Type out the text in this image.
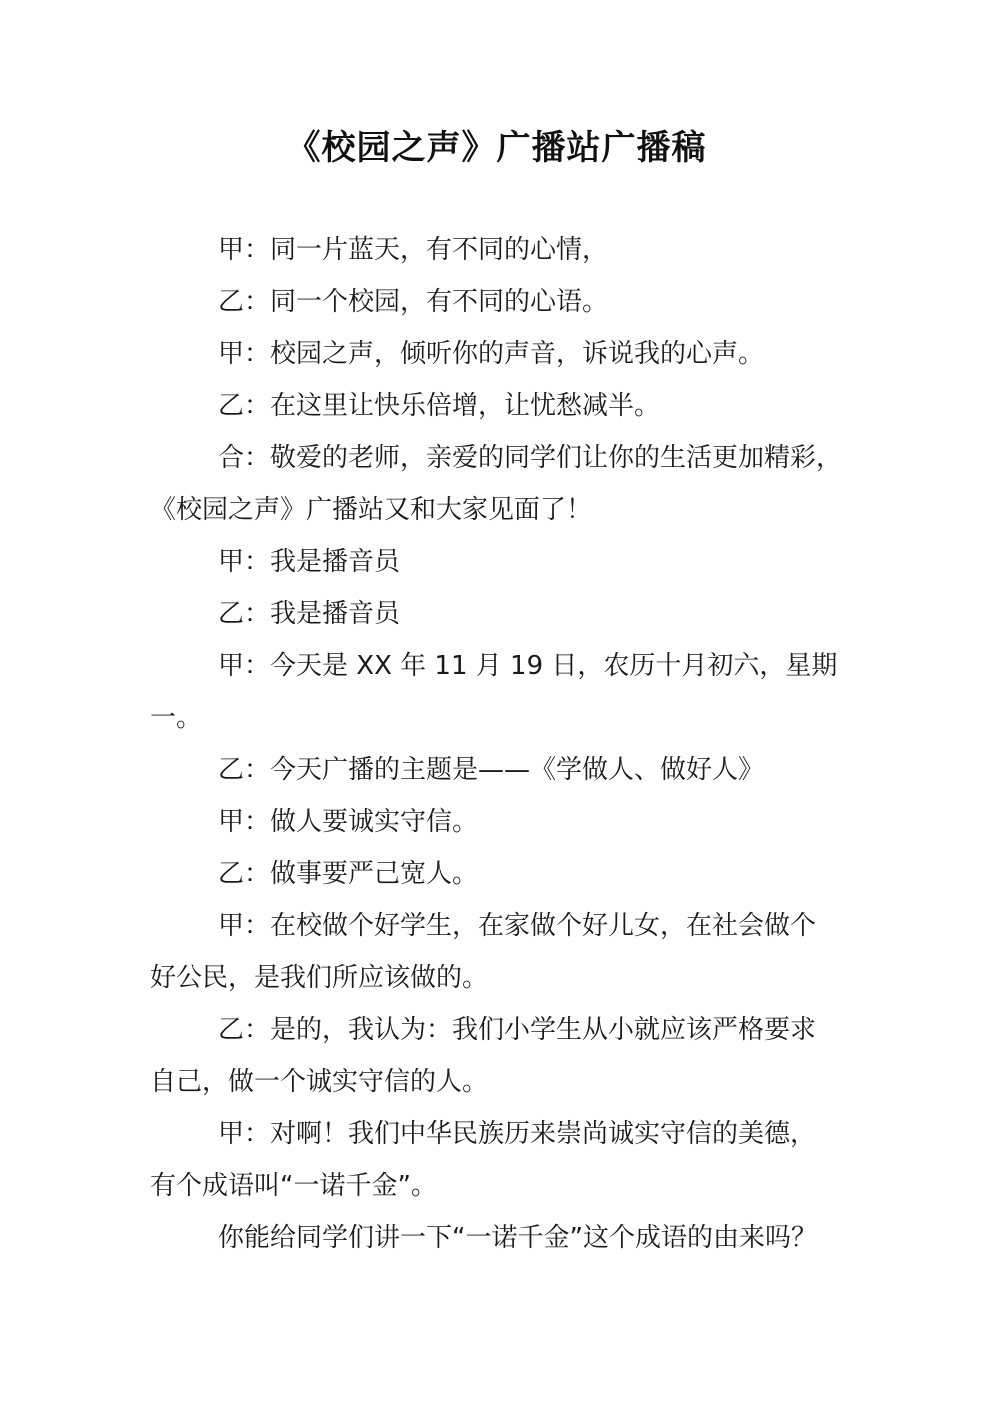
《校园之声》广播站广播稿

甲：同一片蓝天，有不同的心情，

乙：同一个校园，有不同的心语。

甲：校园之声，倾听你的声音，诉说我的心声。

乙：在这里让快乐倍增，让忧愁减半。

合：敬爱的老师，亲爱的同学们让你的生活更加精彩，
《校园之声》广播站又和大家见面了！

甲：我是播音员

乙：我是播音员

甲：今天是 XX 年 11 月 19 日，农历十月初六，星期
一。

乙：今天广播的主题是——《学做人、做好人》

甲：做人要诚实守信。

乙：做事要严己宽人。

甲：在校做个好学生，在家做个好儿女，在社会做个
好公民，是我们所应该做的。

乙：是的，我认为：我们小学生从小就应该严格要求
自己，做一个诚实守信的人。

甲：对啊！我们中华民族历来崇尚诚实守信的美德，
有个成语叫“一诺千金”。

你能给同学们讲一下“一诺千金”这个成语的由来吗？
